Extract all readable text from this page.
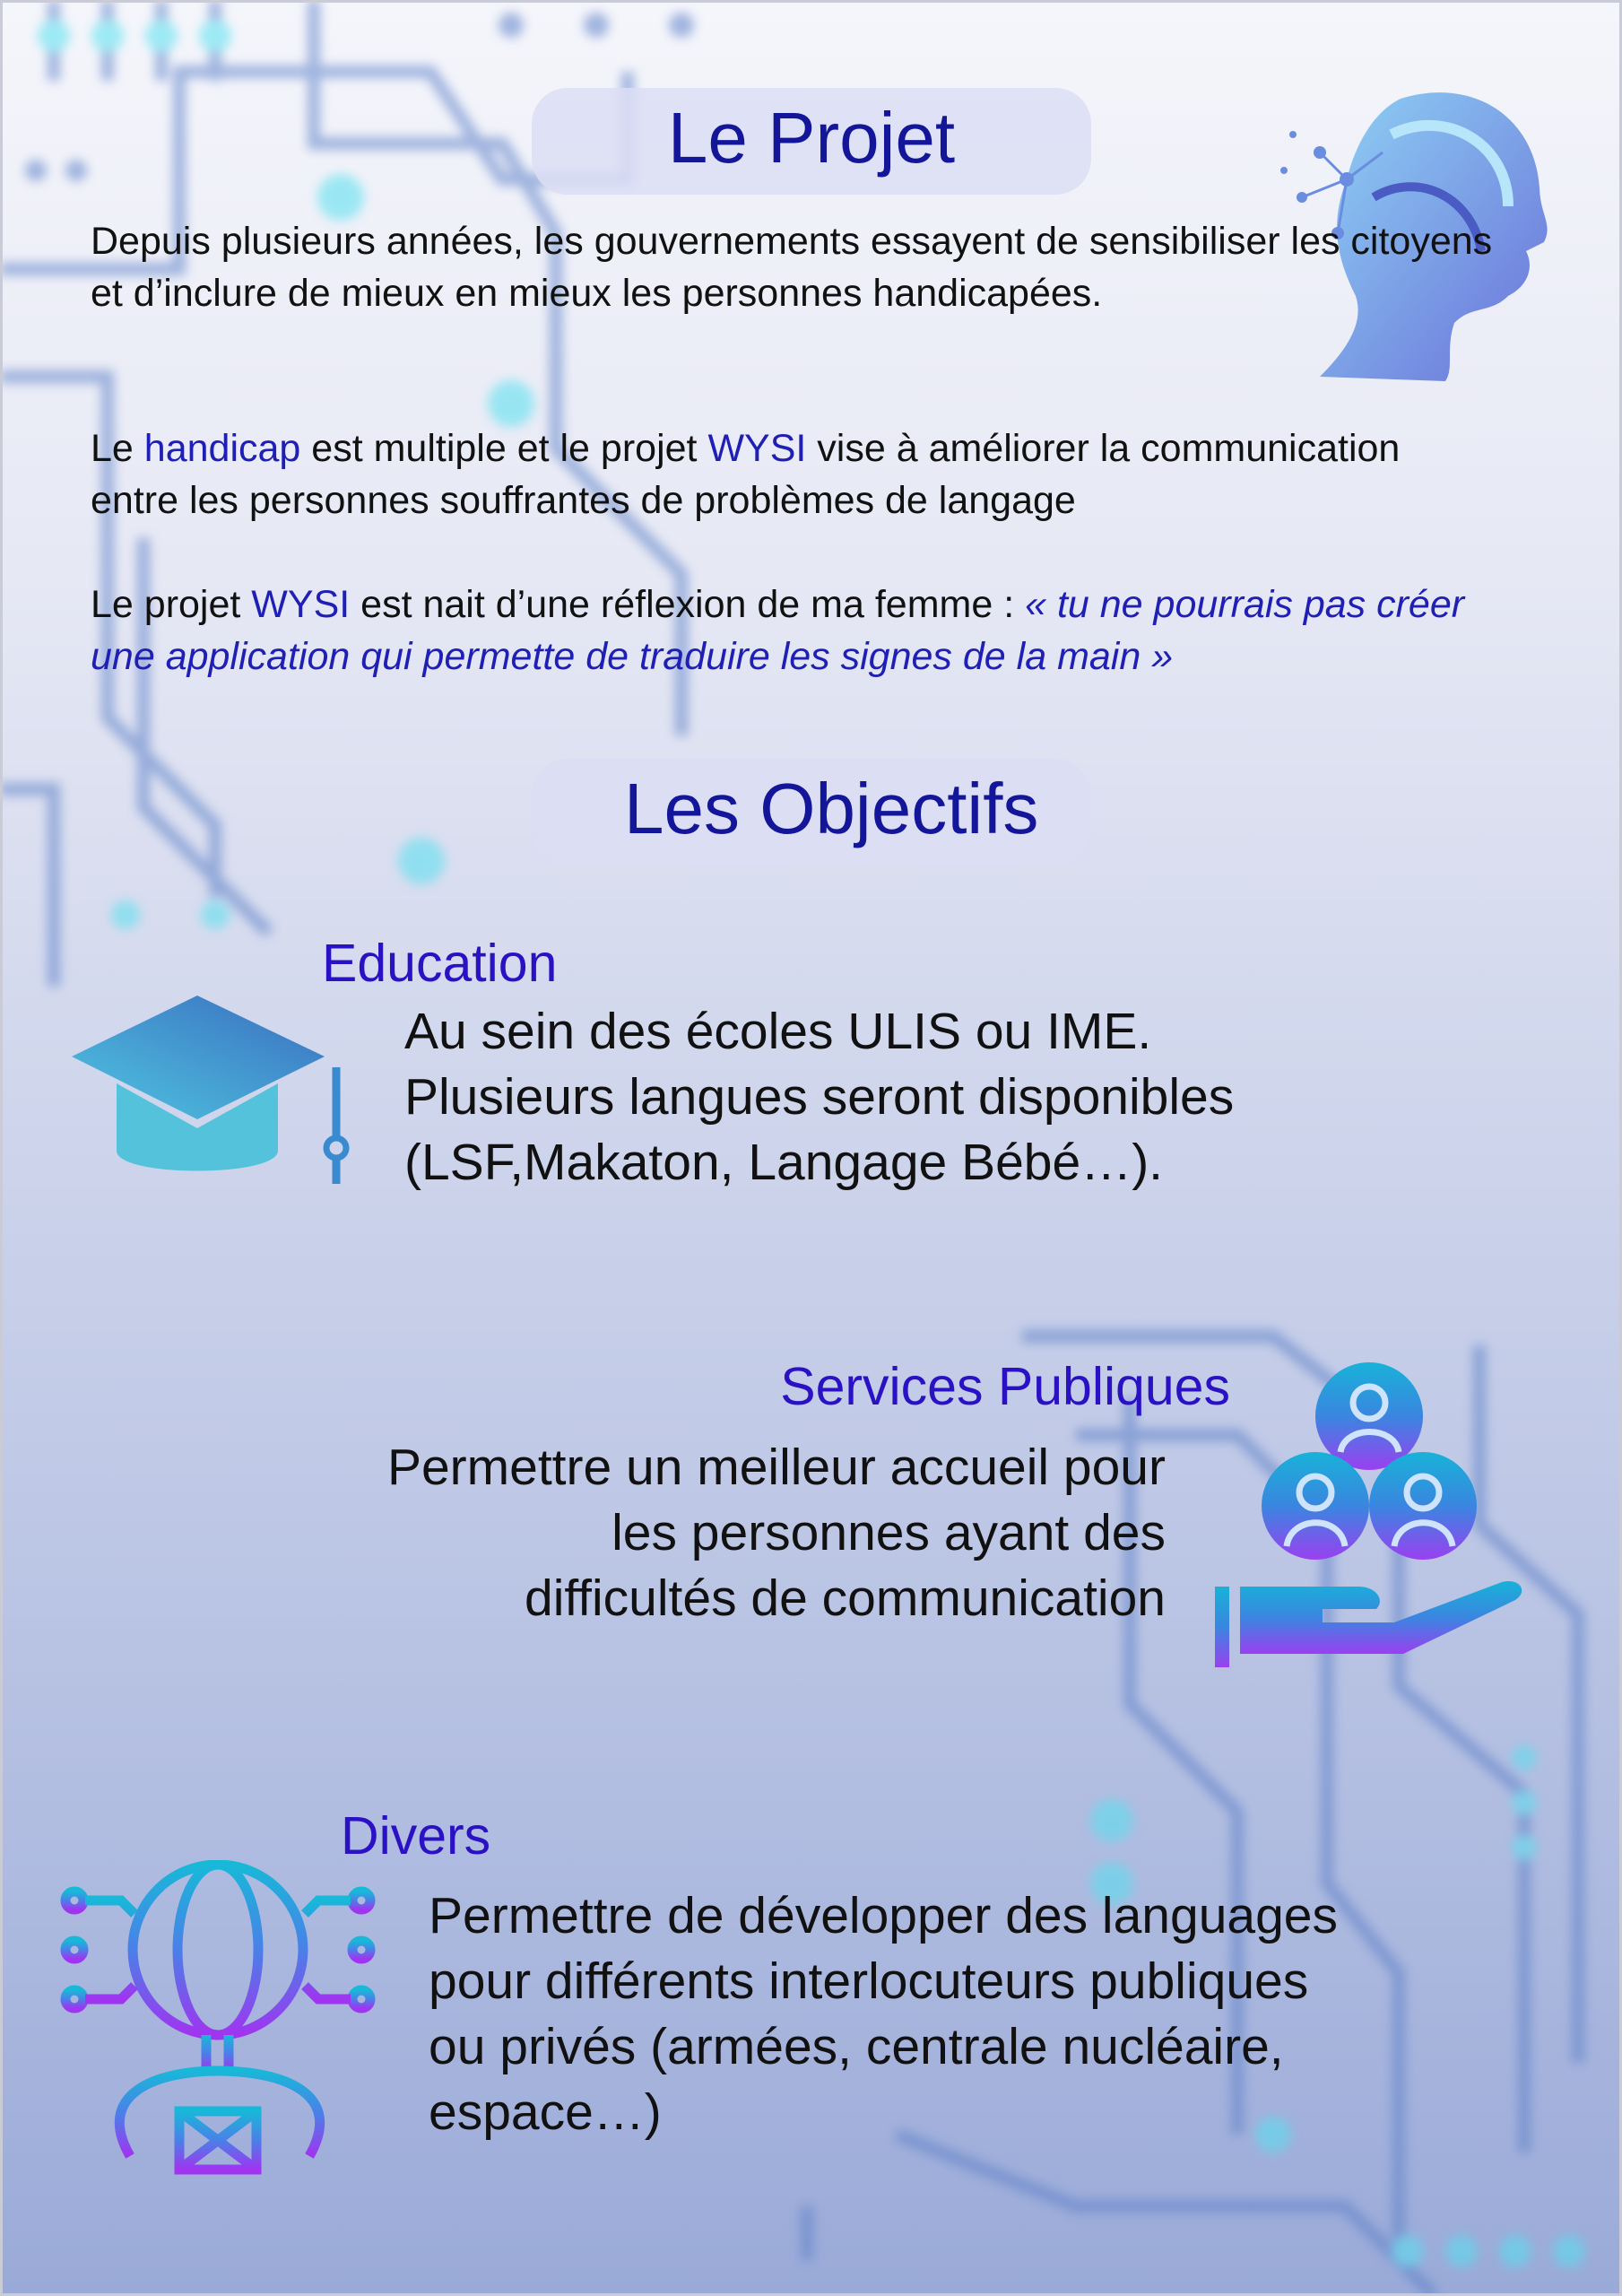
Le Projet
Depuis plusieurs années, les gouvernements essayent de sensibiliser les citoyens et d’inclure de mieux en mieux les personnes handicapées.
Le handicap est multiple et le projet WYSI vise à améliorer la communication entre les personnes souffrantes de problèmes de langage
Le projet WYSI est nait d’une réflexion de ma femme : « tu ne pourrais pas créer une application qui permette de traduire les signes de la main »
Les Objectifs
Education
Au sein des écoles ULIS ou IME.
Plusieurs langues seront disponibles
(LSF,Makaton, Langage Bébé…).
Services Publiques
Permettre un meilleur accueil pour
les personnes ayant des
difficultés de communication
Divers
Permettre de développer des languages
pour différents interlocuteurs publiques
ou privés (armées, centrale nucléaire,
espace…)
